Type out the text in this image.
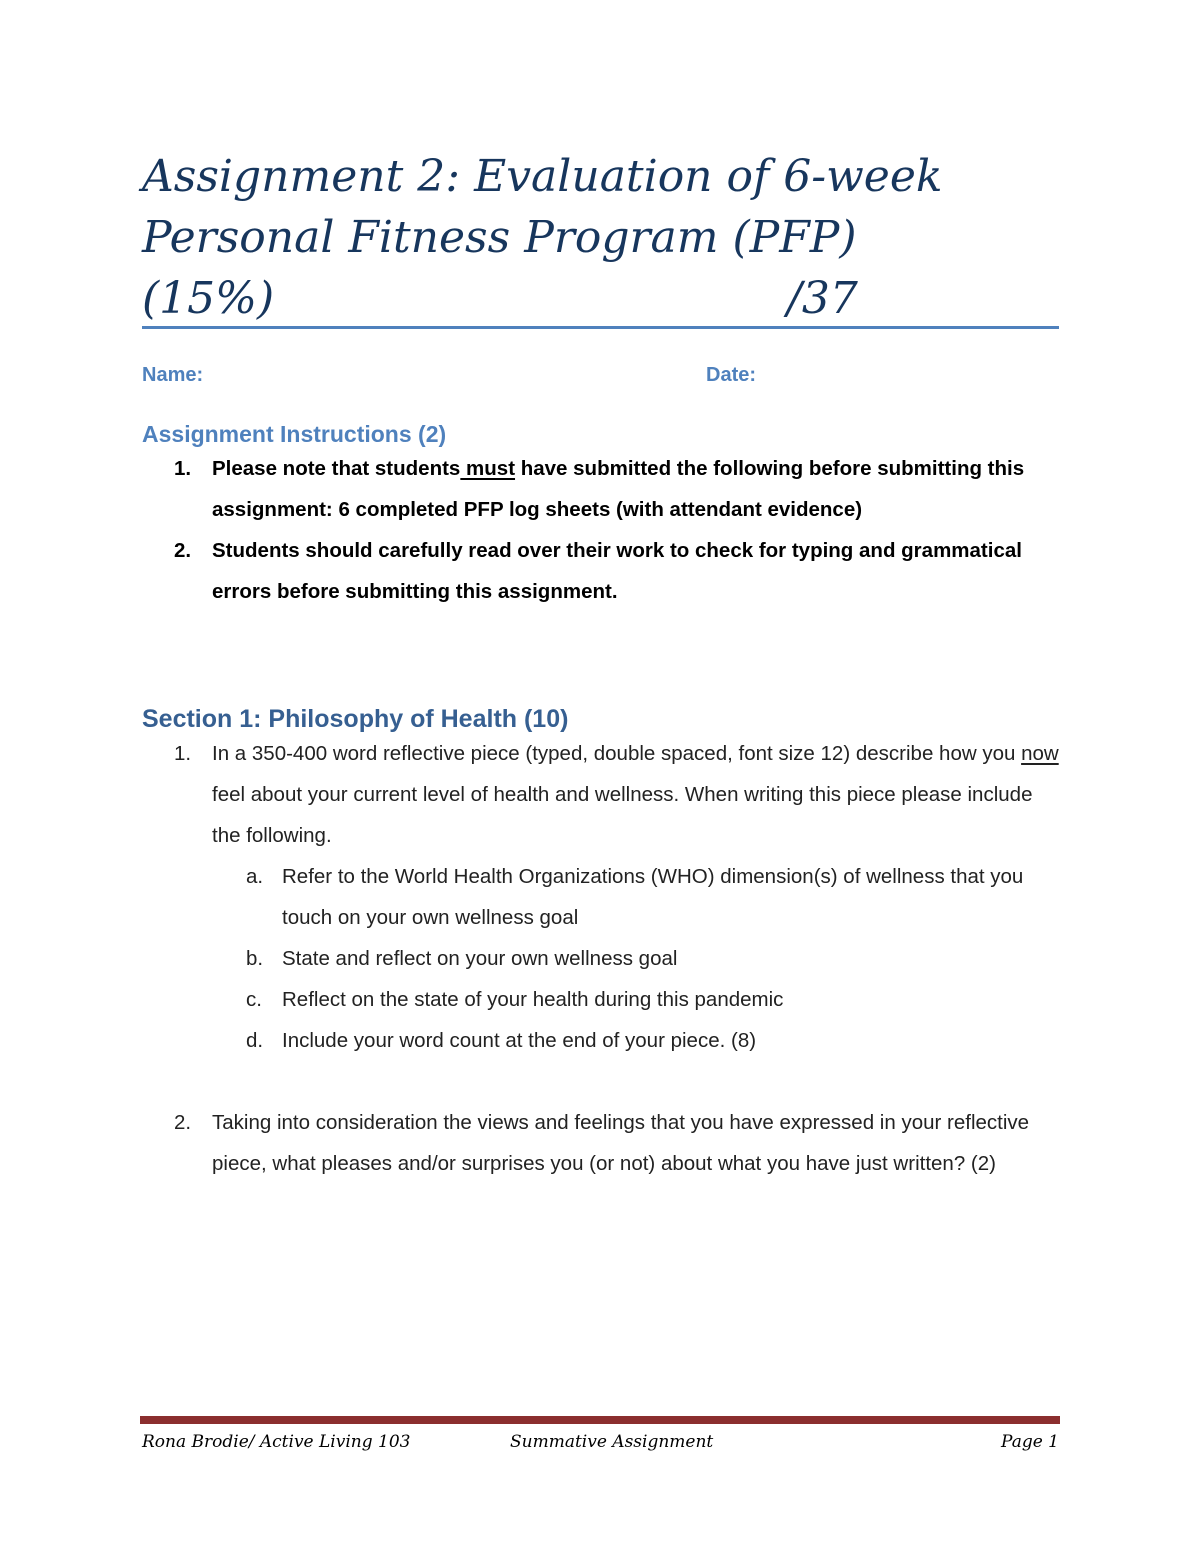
Assignment 2: Evaluation of 6-week
Personal Fitness Program (PFP)
(15%)	/37
Name:	Date:
Assignment Instructions (2)
1. Please note that students must have submitted the following before submitting this assignment: 6 completed PFP log sheets (with attendant evidence)
2. Students should carefully read over their work to check for typing and grammatical errors before submitting this assignment.
Section 1: Philosophy of Health (10)
1. In a 350-400 word reflective piece (typed, double spaced, font size 12) describe how you now feel about your current level of health and wellness. When writing this piece please include the following.
a. Refer to the World Health Organizations (WHO) dimension(s) of wellness that you touch on your own wellness goal
b. State and reflect on your own wellness goal
c. Reflect on the state of your health during this pandemic
d. Include your word count at the end of your piece. (8)
2. Taking into consideration the views and feelings that you have expressed in your reflective piece, what pleases and/or surprises you (or not) about what you have just written? (2)
Rona Brodie/ Active Living 103	Summative Assignment	Page 1
